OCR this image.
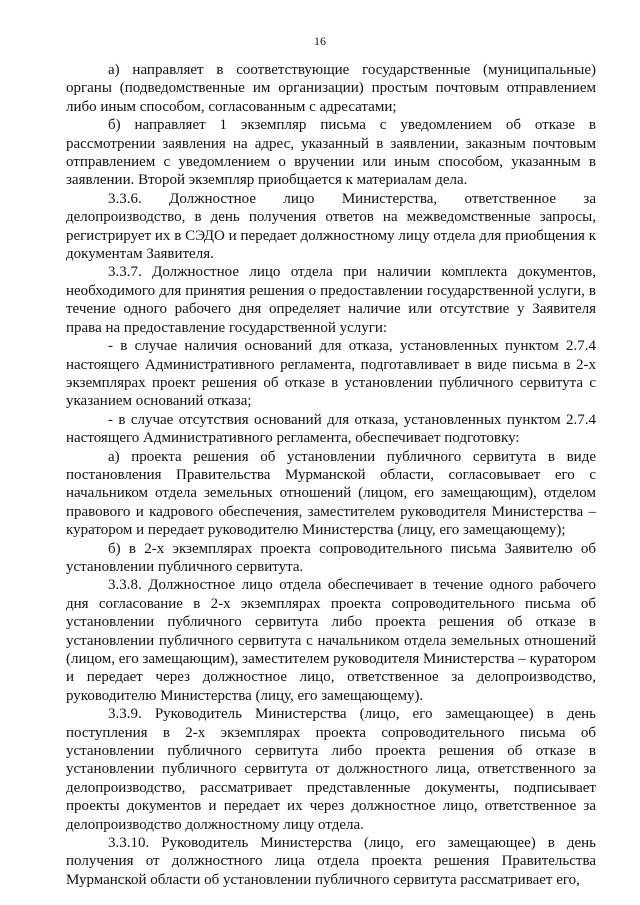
16

а) направляет в соответствующие государственные (муниципальные) органы (подведомственные им организации) простым почтовым отправлением либо иным способом, согласованным с адресатами;

б) направляет 1 экземпляр письма с уведомлением об отказе в рассмотрении заявления на адрес, указанный в заявлении, заказным почтовым отправлением с уведомлением о вручении или иным способом, указанным в заявлении. Второй экземпляр приобщается к материалам дела.

3.3.6. Должностное лицо Министерства, ответственное за делопроизводство, в день получения ответов на межведомственные запросы, регистрирует их в СЭДО и передает должностному лицу отдела для приобщения к документам Заявителя.

3.3.7. Должностное лицо отдела при наличии комплекта документов, необходимого для принятия решения о предоставлении государственной услуги, в течение одного рабочего дня определяет наличие или отсутствие у Заявителя права на предоставление государственной услуги:

- в случае наличия оснований для отказа, установленных пунктом 2.7.4 настоящего Административного регламента, подготавливает в виде письма в 2-х экземплярах проект решения об отказе в установлении публичного сервитута с указанием оснований отказа;

- в случае отсутствия оснований для отказа, установленных пунктом 2.7.4 настоящего Административного регламента, обеспечивает подготовку:

а) проекта решения об установлении публичного сервитута в виде постановления Правительства Мурманской области, согласовывает его с начальником отдела земельных отношений (лицом, его замещающим), отделом правового и кадрового обеспечения, заместителем руководителя Министерства – куратором и передает руководителю Министерства (лицу, его замещающему);

б) в 2-х экземплярах проекта сопроводительного письма Заявителю об установлении публичного сервитута.

3.3.8. Должностное лицо отдела обеспечивает в течение одного рабочего дня согласование в 2-х экземплярах проекта сопроводительного письма об установлении публичного сервитута либо проекта решения об отказе в установлении публичного сервитута с начальником отдела земельных отношений (лицом, его замещающим), заместителем руководителя Министерства – куратором и передает через должностное лицо, ответственное за делопроизводство, руководителю Министерства (лицу, его замещающему).

3.3.9. Руководитель Министерства (лицо, его замещающее) в день поступления в 2-х экземплярах проекта сопроводительного письма об установлении публичного сервитута либо проекта решения об отказе в установлении публичного сервитута от должностного лица, ответственного за делопроизводство, рассматривает представленные документы, подписывает проекты документов и передает их через должностное лицо, ответственное за делопроизводство должностному лицу отдела.

3.3.10. Руководитель Министерства (лицо, его замещающее) в день получения от должностного лица отдела проекта решения Правительства Мурманской области об установлении публичного сервитута рассматривает его,
